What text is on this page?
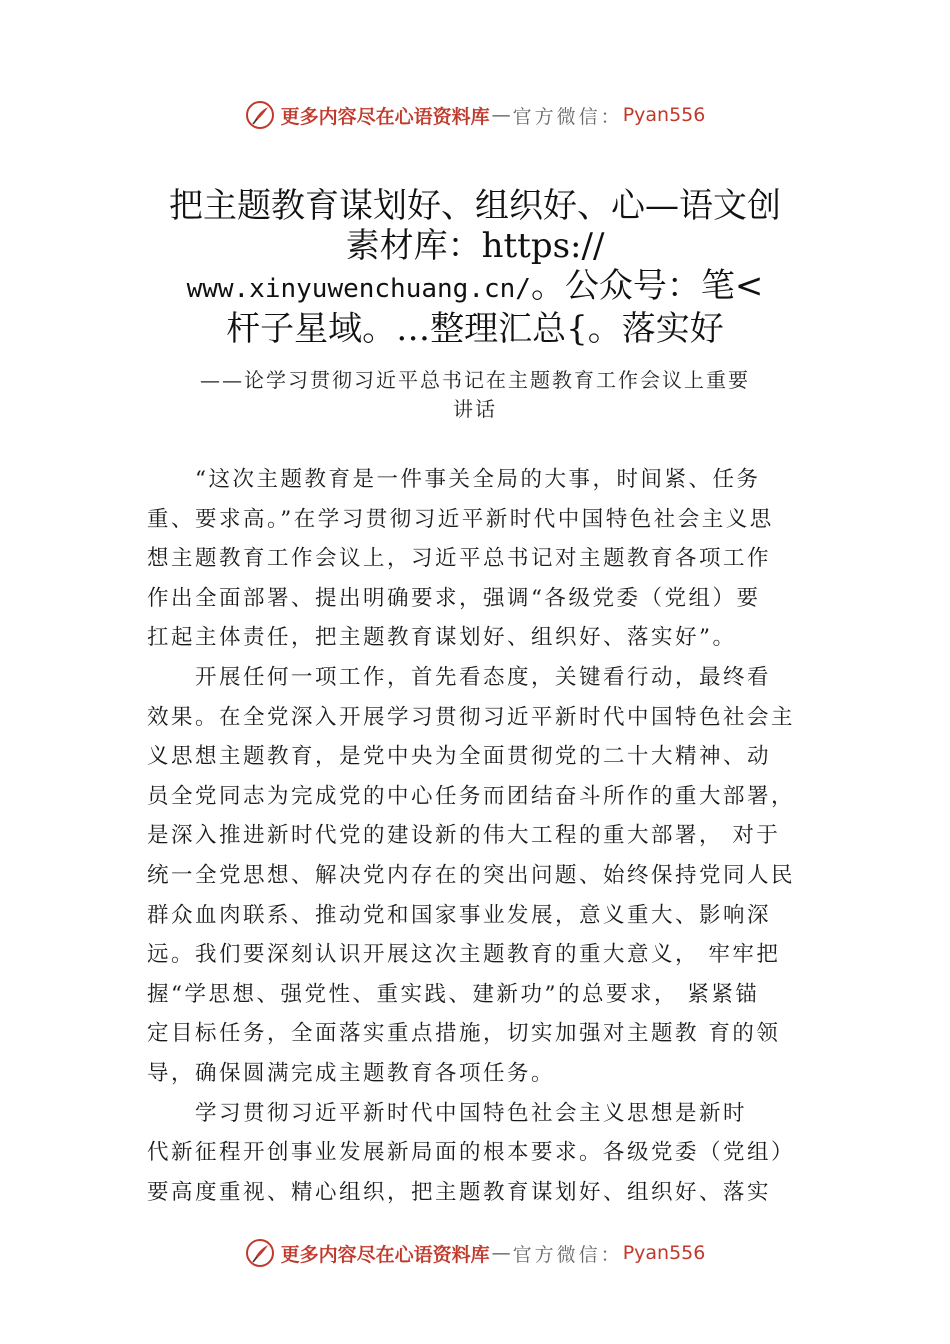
更多内容尽在心语资料库 — 官方微信： Pyan556
把主题教育谋划好、组织好、心—语文创
素材库：https://
www.xinyuwenchuang.cn/。公众号：笔<
杆子星域。…整理汇总{。落实好
——论学习贯彻习近平总书记在主题教育工作会议上重要
讲话
“这次主题教育是一件事关全局的大事，时间紧、任务
重、要求高。”在学习贯彻习近平新时代中国特色社会主义思
想主题教育工作会议上，习近平总书记对主题教育各项工作
作出全面部署、提出明确要求，强调“各级党委（党组）要
扛起主体责任，把主题教育谋划好、组织好、落实好”。
开展任何一项工作，首先看态度，关键看行动，最终看
效果。在全党深入开展学习贯彻习近平新时代中国特色社会主
义思想主题教育，是党中央为全面贯彻党的二十大精神、动
员全党同志为完成党的中心任务而团结奋斗所作的重大部署，
是深入推进新时代党的建设新的伟大工程的重大部署， 对于
统一全党思想、解决党内存在的突出问题、始终保持党同人民
群众血肉联系、推动党和国家事业发展，意义重大、影响深
远。我们要深刻认识开展这次主题教育的重大意义， 牢牢把
握“学思想、强党性、重实践、建新功”的总要求， 紧紧锚
定目标任务，全面落实重点措施，切实加强对主题教 育的领
导，确保圆满完成主题教育各项任务。
学习贯彻习近平新时代中国特色社会主义思想是新时
代新征程开创事业发展新局面的根本要求。各级党委（党组）
要高度重视、精心组织，把主题教育谋划好、组织好、落实
更多内容尽在心语资料库 — 官方微信： Pyan556
